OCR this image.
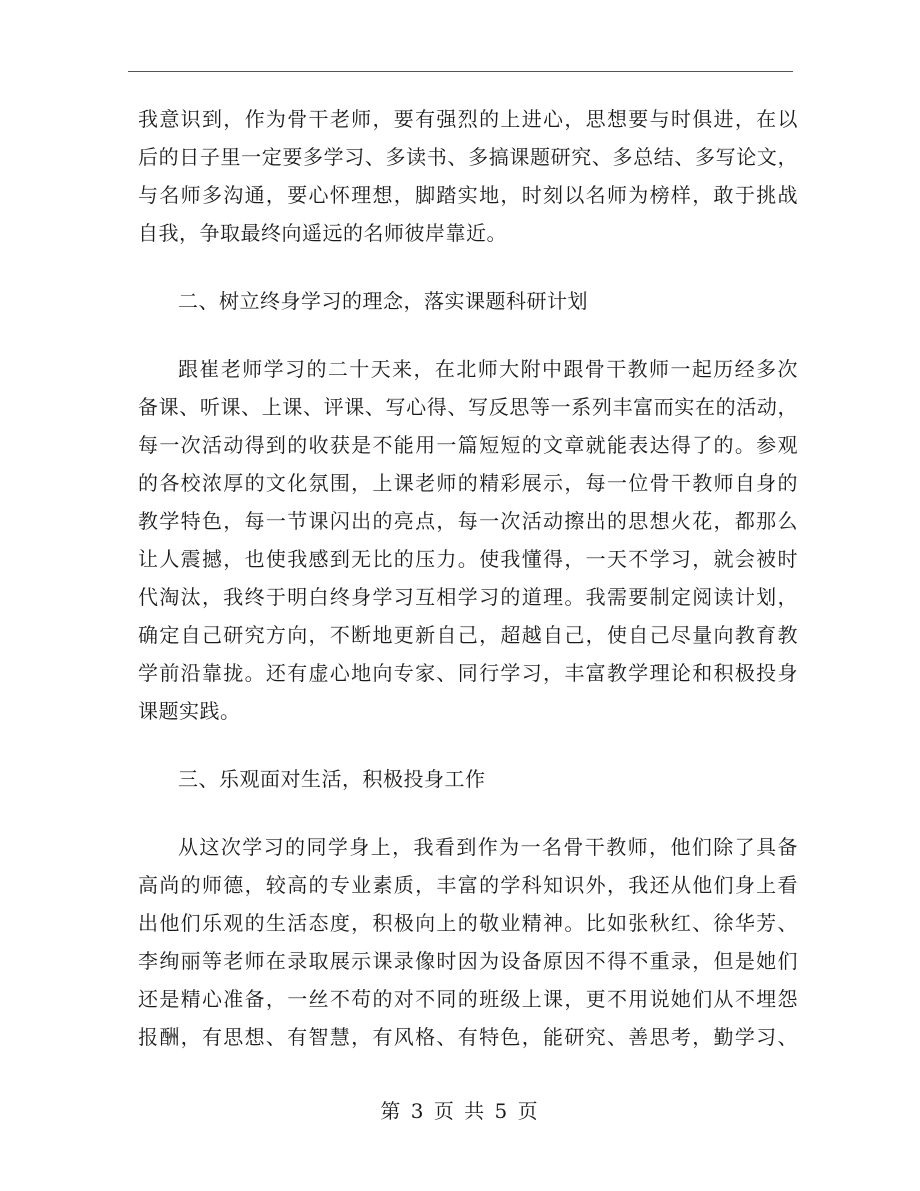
我意识到，作为骨干老师，要有强烈的上进心，思想要与时俱进，在以
后的日子里一定要多学习、多读书、多搞课题研究、多总结、多写论文，
与名师多沟通，要心怀理想，脚踏实地，时刻以名师为榜样，敢于挑战
自我，争取最终向遥远的名师彼岸靠近。
二、树立终身学习的理念，落实课题科研计划
跟崔老师学习的二十天来，在北师大附中跟骨干教师一起历经多次
备课、听课、上课、评课、写心得、写反思等一系列丰富而实在的活动，
每一次活动得到的收获是不能用一篇短短的文章就能表达得了的。参观
的各校浓厚的文化氛围，上课老师的精彩展示，每一位骨干教师自身的
教学特色，每一节课闪出的亮点，每一次活动擦出的思想火花，都那么
让人震撼，也使我感到无比的压力。使我懂得，一天不学习，就会被时
代淘汰，我终于明白终身学习互相学习的道理。我需要制定阅读计划，
确定自己研究方向，不断地更新自己，超越自己，使自己尽量向教育教
学前沿靠拢。还有虚心地向专家、同行学习，丰富教学理论和积极投身
课题实践。
三、乐观面对生活，积极投身工作
从这次学习的同学身上，我看到作为一名骨干教师，他们除了具备
高尚的师德，较高的专业素质，丰富的学科知识外，我还从他们身上看
出他们乐观的生活态度，积极向上的敬业精神。比如张秋红、徐华芳、
李绚丽等老师在录取展示课录像时因为设备原因不得不重录，但是她们
还是精心准备，一丝不苟的对不同的班级上课，更不用说她们从不埋怨
报酬，有思想、有智慧，有风格、有特色，能研究、善思考，勤学习、
第 3 页 共 5 页
